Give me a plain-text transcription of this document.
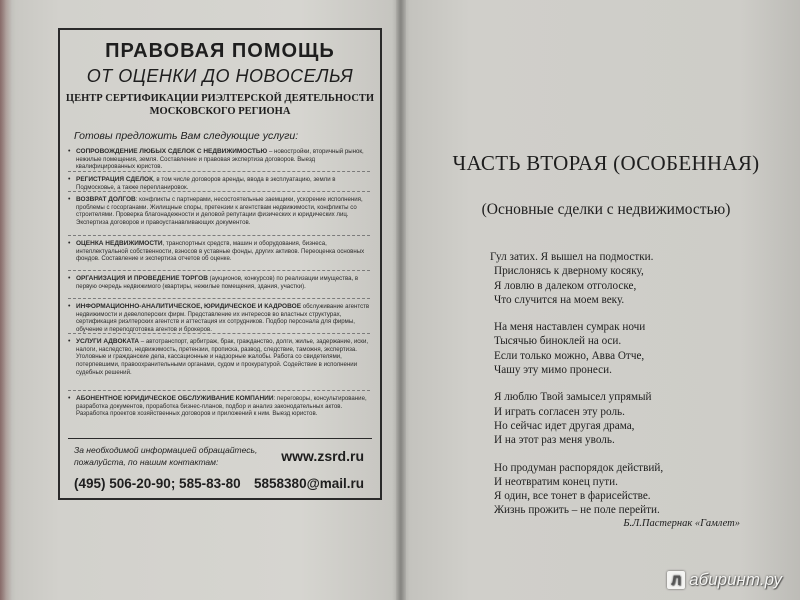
ПРАВОВАЯ ПОМОЩЬ
ОТ ОЦЕНКИ ДО НОВОСЕЛЬЯ
ЦЕНТР СЕРТИФИКАЦИИ РИЭЛТЕРСКОЙ ДЕЯТЕЛЬНОСТИ
МОСКОВСКОГО РЕГИОНА
Готовы предложить Вам следующие услуги:
• СОПРОВОЖДЕНИЕ ЛЮБЫХ СДЕЛОК С НЕДВИЖИМОСТЬЮ – новостройки, вторичный рынок, нежилые помещения, земля. Составление и правовая экспертиза договоров. Выезд квалифицированных юристов.
• РЕГИСТРАЦИЯ СДЕЛОК, в том числе договоров аренды, ввода в эксплуатацию, земли в Подмосковье, а также перепланировок.
• ВОЗВРАТ ДОЛГОВ: конфликты с партнерами, несостоятельные заемщики, ускорение исполнения, проблемы с госорганами. Жилищные споры, претензии к агентствам недвижимости, конфликты со строителями. Проверка благонадежности и деловой репутации физических и юридических лиц. Экспертиза договоров и правоустанавливающих документов.
• ОЦЕНКА НЕДВИЖИМОСТИ, транспортных средств, машин и оборудования, бизнеса, интеллектуальной собственности, взносов в уставные фонды, других активов. Переоценка основных фондов. Составление и экспертиза отчетов об оценке.
• ОРГАНИЗАЦИЯ И ПРОВЕДЕНИЕ ТОРГОВ (аукционов, конкурсов) по реализации имущества, в первую очередь недвижимого (квартиры, нежилые помещения, здания, участки).
• ИНФОРМАЦИОННО-АНАЛИТИЧЕСКОЕ, ЮРИДИЧЕСКОЕ И КАДРОВОЕ обслуживание агентств недвижимости и девелоперских фирм. Представление их интересов во властных структурах, сертификация риэлтерских агентств и аттестация их сотрудников. Подбор персонала для фирмы, обучение и переподготовка агентов и брокеров.
• УСЛУГИ АДВОКАТА – автотранспорт, арбитраж, брак, гражданство, долги, жилье, задержание, иски, налоги, наследство, недвижимость, претензии, прописка, развод, следствие, таможня, экспертиза. Уголовные и гражданские дела, кассационные и надзорные жалобы. Работа со свидетелями, потерпевшими, правоохранительными органами, судом и прокуратурой. Содействие в исполнении судебных решений.
• АБОНЕНТНОЕ ЮРИДИЧЕСКОЕ ОБСЛУЖИВАНИЕ КОМПАНИЙ: переговоры, консультирование, разработка документов, проработка бизнес-планов, подбор и анализ законодательных актов. Разработка проектов хозяйственных договоров и приложений к ним. Выезд юристов.
За необходимой информацией обращайтесь,
пожалуйста, по нашим контактам:	www.zsrd.ru
(495) 506-20-90; 585-83-80 5858380@mail.ru
ЧАСТЬ ВТОРАЯ (ОСОБЕННАЯ)
(Основные сделки с недвижимостью)
Гул затих. Я вышел на подмостки.
Прислонясь к дверному косяку,
Я ловлю в далеком отголоске,
Что случится на моем веку.
На меня наставлен сумрак ночи
Тысячью биноклей на оси.
Если только можно, Авва Отче,
Чашу эту мимо пронеси.
Я люблю Твой замысел упрямый
И играть согласен эту роль.
Но сейчас идет другая драма,
И на этот раз меня уволь.
Но продуман распорядок действий,
И неотвратим конец пути.
Я один, все тонет в фарисействе.
Жизнь прожить – не поле перейти.
Б.Л.Пастернак «Гамлет»
Л абиринт.ру
